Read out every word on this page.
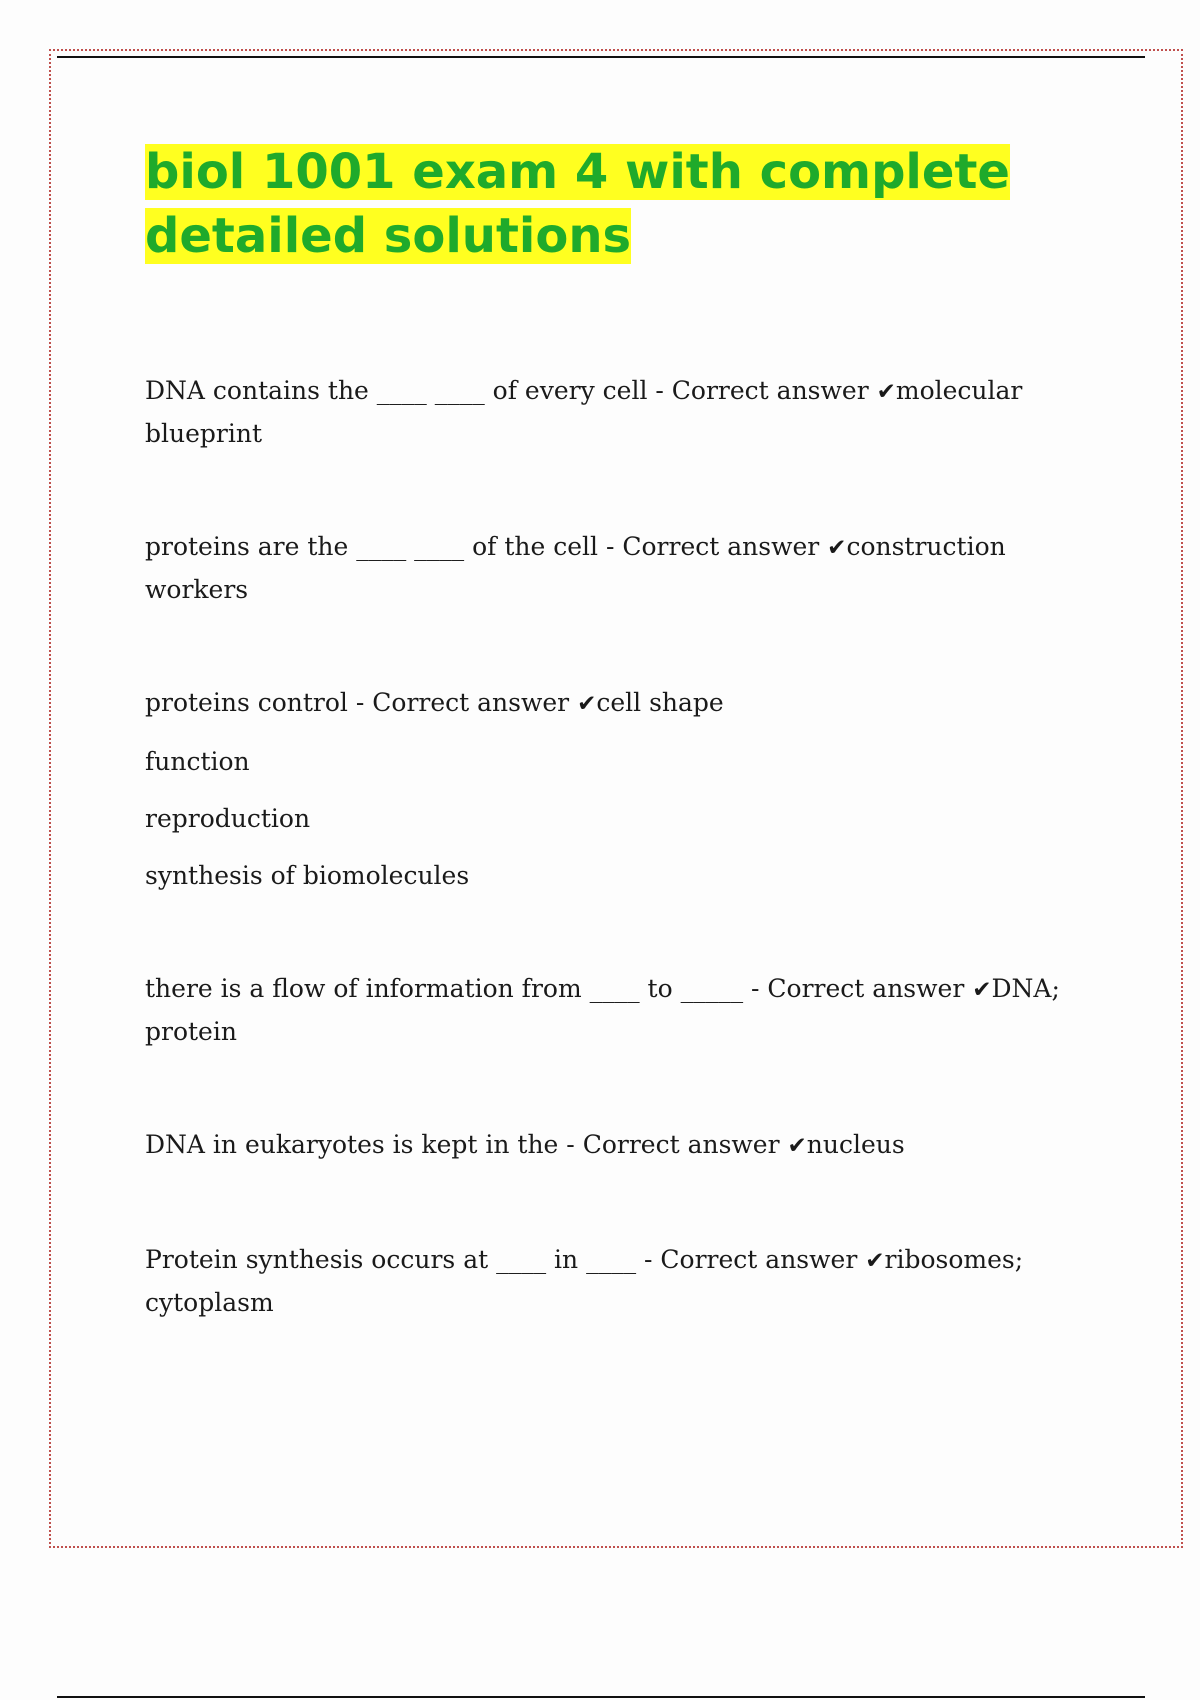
biol 1001 exam 4 with complete detailed solutions

DNA contains the ____ ____ of every cell - Correct answer ✔molecular blueprint

proteins are the ____ ____ of the cell - Correct answer ✔construction workers

proteins control - Correct answer ✔cell shape

function

reproduction

synthesis of biomolecules

there is a flow of information from ____ to _____ - Correct answer ✔DNA; protein

DNA in eukaryotes is kept in the - Correct answer ✔nucleus

Protein synthesis occurs at ____ in ____ - Correct answer ✔ribosomes; cytoplasm
